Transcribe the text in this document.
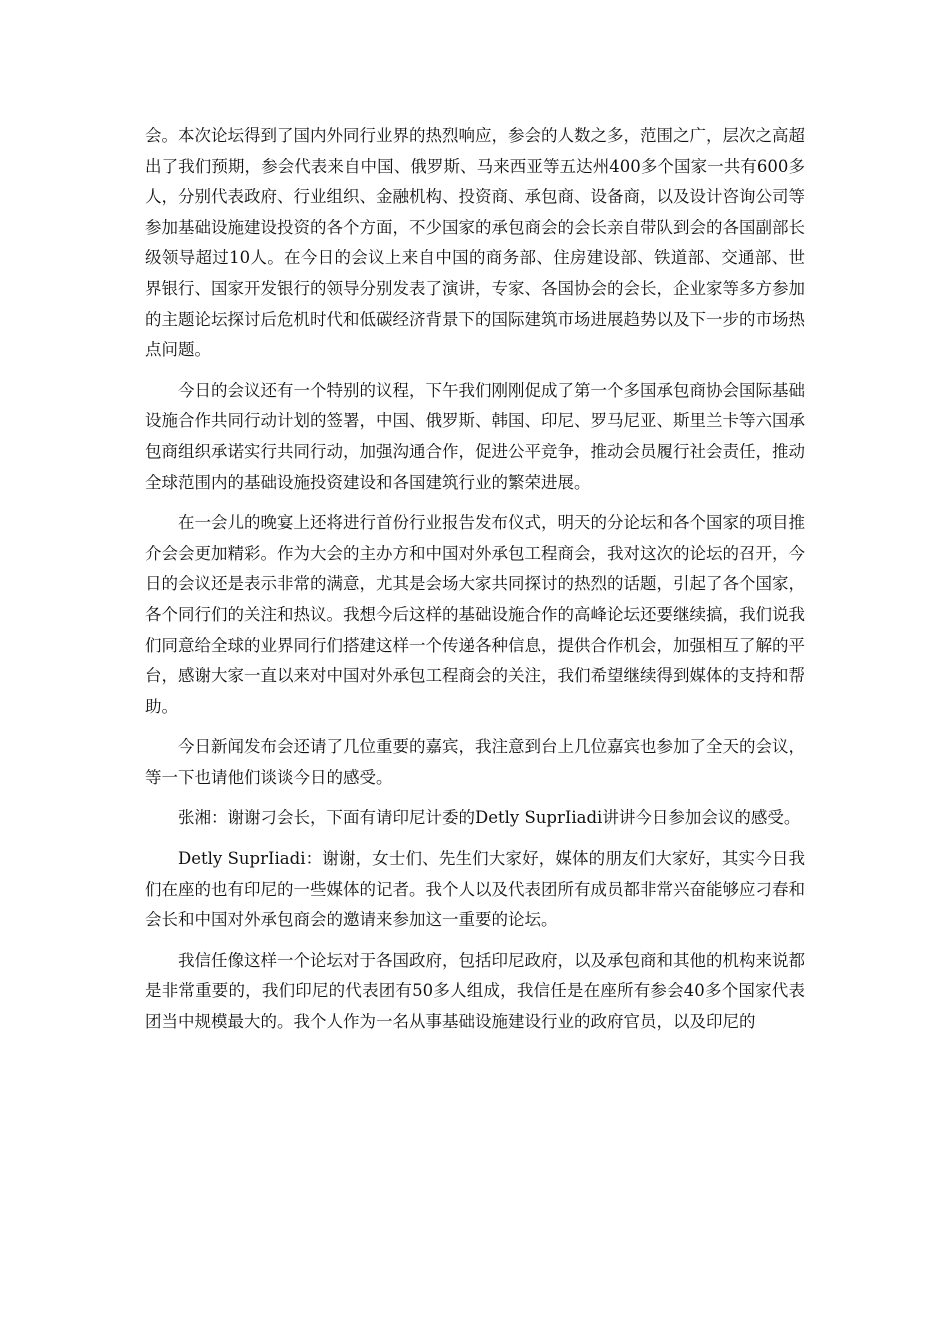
会。本次论坛得到了国内外同行业界的热烈响应，参会的人数之多，范围之广，层次之高超出了我们预期，参会代表来自中国、俄罗斯、马来西亚等五达州400多个国家一共有600多人，分别代表政府、行业组织、金融机构、投资商、承包商、设备商，以及设计咨询公司等参加基础设施建设投资的各个方面，不少国家的承包商会的会长亲自带队到会的各国副部长级领导超过10人。在今日的会议上来自中国的商务部、住房建设部、铁道部、交通部、世界银行、国家开发银行的领导分别发表了演讲，专家、各国协会的会长，企业家等多方参加的主题论坛探讨后危机时代和低碳经济背景下的国际建筑市场进展趋势以及下一步的市场热点问题。

今日的会议还有一个特别的议程，下午我们刚刚促成了第一个多国承包商协会国际基础设施合作共同行动计划的签署，中国、俄罗斯、韩国、印尼、罗马尼亚、斯里兰卡等六国承包商组织承诺实行共同行动，加强沟通合作，促进公平竞争，推动会员履行社会责任，推动全球范围内的基础设施投资建设和各国建筑行业的繁荣进展。

在一会儿的晚宴上还将进行首份行业报告发布仪式，明天的分论坛和各个国家的项目推介会会更加精彩。作为大会的主办方和中国对外承包工程商会，我对这次的论坛的召开，今日的会议还是表示非常的满意，尤其是会场大家共同探讨的热烈的话题，引起了各个国家，各个同行们的关注和热议。我想今后这样的基础设施合作的高峰论坛还要继续搞，我们说我们同意给全球的业界同行们搭建这样一个传递各种信息，提供合作机会，加强相互了解的平台，感谢大家一直以来对中国对外承包工程商会的关注，我们希望继续得到媒体的支持和帮助。

今日新闻发布会还请了几位重要的嘉宾，我注意到台上几位嘉宾也参加了全天的会议，等一下也请他们谈谈今日的感受。

张湘：谢谢刁会长，下面有请印尼计委的Detly SuprIiadi讲讲今日参加会议的感受。

Detly SuprIiadi：谢谢，女士们、先生们大家好，媒体的朋友们大家好，其实今日我们在座的也有印尼的一些媒体的记者。我个人以及代表团所有成员都非常兴奋能够应刁春和会长和中国对外承包商会的邀请来参加这一重要的论坛。

我信任像这样一个论坛对于各国政府，包括印尼政府，以及承包商和其他的机构来说都是非常重要的，我们印尼的代表团有50多人组成，我信任是在座所有参会40多个国家代表团当中规模最大的。我个人作为一名从事基础设施建设行业的政府官员，以及印尼的
